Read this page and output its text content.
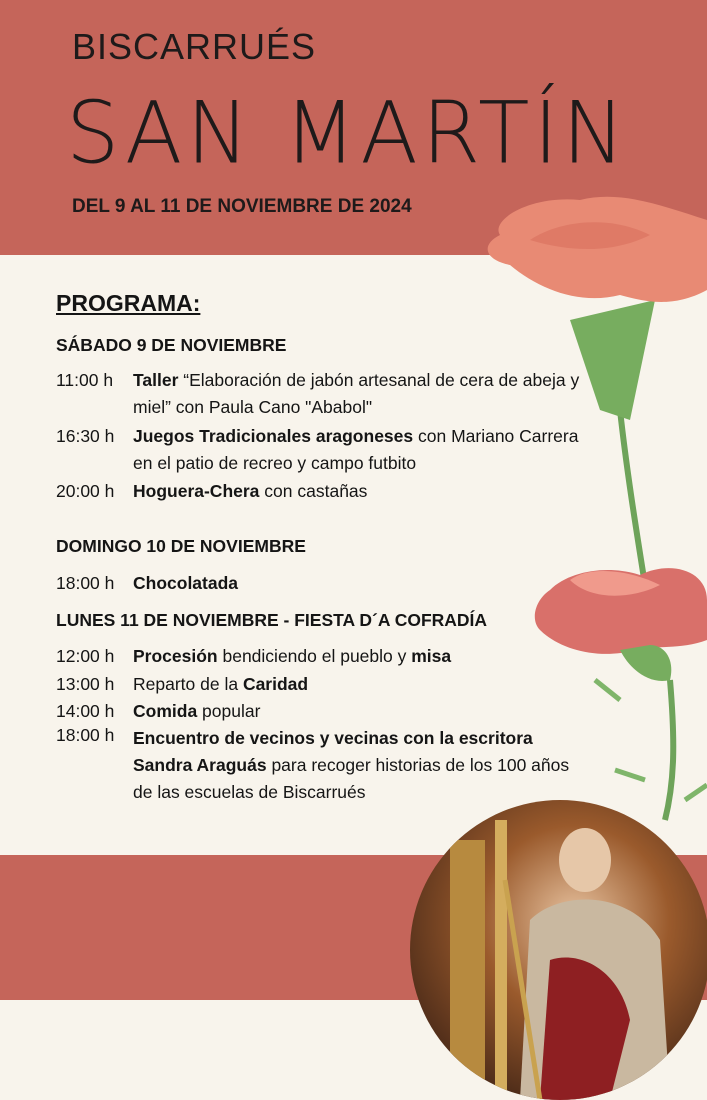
BISCARRUÉS
SAN MARTÍN
DEL 9 AL 11 DE NOVIEMBRE DE 2024
PROGRAMA:
SÁBADO 9 DE NOVIEMBRE
11:00 h Taller “Elaboración de jabón artesanal de cera de abeja y miel” con Paula Cano "Ababol"
16:30 h Juegos Tradicionales aragoneses con Mariano Carrera en el patio de recreo y campo futbito
20:00 h Hoguera-Chera con castañas
DOMINGO 10 DE NOVIEMBRE
18:00 h Chocolatada
LUNES 11 DE NOVIEMBRE - FIESTA D´A COFRADÍA
12:00 h Procesión bendiciendo el pueblo y misa
13:00 h Reparto de la Caridad
14:00 h Comida popular
18:00 h Encuentro de vecinos y vecinas con la escritora Sandra Araguás para recoger historias de los 100 años de las escuelas de Biscarrués
